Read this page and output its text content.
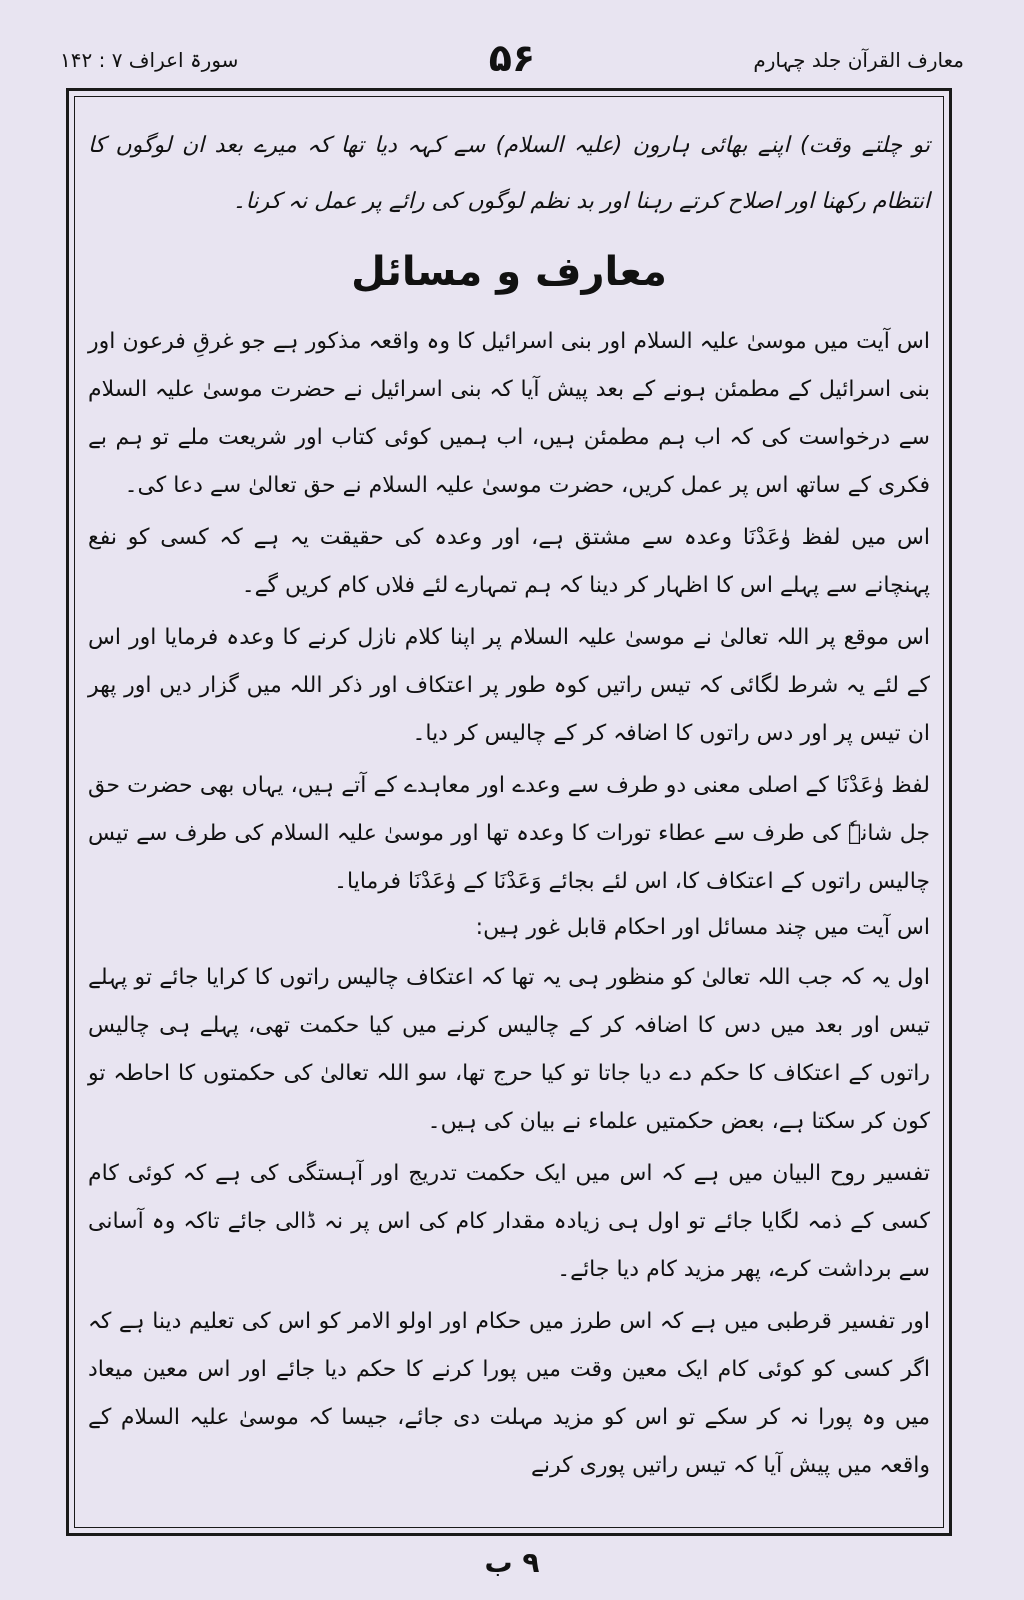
سورۃ اعراف ۷ : ۱۴۲	۵۶	معارف القرآن جلد چہارم

تو چلتے وقت) اپنے بھائی ہارون (علیہ السلام) سے کہہ دیا تھا کہ میرے بعد ان لوگوں کا انتظام رکھنا اور اصلاح کرتے رہنا اور بد نظم لوگوں کی رائے پر عمل نہ کرنا۔

معارف و مسائل

اس آیت میں موسیٰ علیہ السلام اور بنی اسرائیل کا وہ واقعہ مذکور ہے جو غرقِ فرعون اور بنی اسرائیل کے مطمئن ہونے کے بعد پیش آیا کہ بنی اسرائیل نے حضرت موسیٰ علیہ السلام سے درخواست کی کہ اب ہم مطمئن ہیں، اب ہمیں کوئی کتاب اور شریعت ملے تو ہم بے فکری کے ساتھ اس پر عمل کریں، حضرت موسیٰ علیہ السلام نے حق تعالیٰ سے دعا کی۔

اس میں لفظ وٰعَدْنَا وعدہ سے مشتق ہے، اور وعدہ کی حقیقت یہ ہے کہ کسی کو نفع پہنچانے سے پہلے اس کا اظہار کر دینا کہ ہم تمہارے لئے فلاں کام کریں گے۔

اس موقع پر اللہ تعالیٰ نے موسیٰ علیہ السلام پر اپنا کلام نازل کرنے کا وعدہ فرمایا اور اس کے لئے یہ شرط لگائی کہ تیس راتیں کوہ طور پر اعتکاف اور ذکر اللہ میں گزار دیں اور پھر ان تیس پر اور دس راتوں کا اضافہ کر کے چالیس کر دیا۔

لفظ وٰعَدْنَا کے اصلی معنی دو طرف سے وعدے اور معاہدے کے آتے ہیں، یہاں بھی حضرت حق جل شانہٗ کی طرف سے عطاء تورات کا وعدہ تھا اور موسیٰ علیہ السلام کی طرف سے تیس چالیس راتوں کے اعتکاف کا، اس لئے بجائے وَعَدْنَا کے وٰعَدْنَا فرمایا۔

اس آیت میں چند مسائل اور احکام قابل غور ہیں:

اول یہ کہ جب اللہ تعالیٰ کو منظور ہی یہ تھا کہ اعتکاف چالیس راتوں کا کرایا جائے تو پہلے تیس اور بعد میں دس کا اضافہ کر کے چالیس کرنے میں کیا حکمت تھی، پہلے ہی چالیس راتوں کے اعتکاف کا حکم دے دیا جاتا تو کیا حرج تھا، سو اللہ تعالیٰ کی حکمتوں کا احاطہ تو کون کر سکتا ہے، بعض حکمتیں علماء نے بیان کی ہیں۔

تفسیر روح البیان میں ہے کہ اس میں ایک حکمت تدریج اور آہستگی کی ہے کہ کوئی کام کسی کے ذمہ لگایا جائے تو اول ہی زیادہ مقدار کام کی اس پر نہ ڈالی جائے تاکہ وہ آسانی سے برداشت کرے، پھر مزید کام دیا جائے۔

اور تفسیر قرطبی میں ہے کہ اس طرز میں حکام اور اولو الامر کو اس کی تعلیم دینا ہے کہ اگر کسی کو کوئی کام ایک معین وقت میں پورا کرنے کا حکم دیا جائے اور اس معین میعاد میں وہ پورا نہ کر سکے تو اس کو مزید مہلت دی جائے، جیسا کہ موسیٰ علیہ السلام کے واقعہ میں پیش آیا کہ تیس راتیں پوری کرنے

۹ ب
